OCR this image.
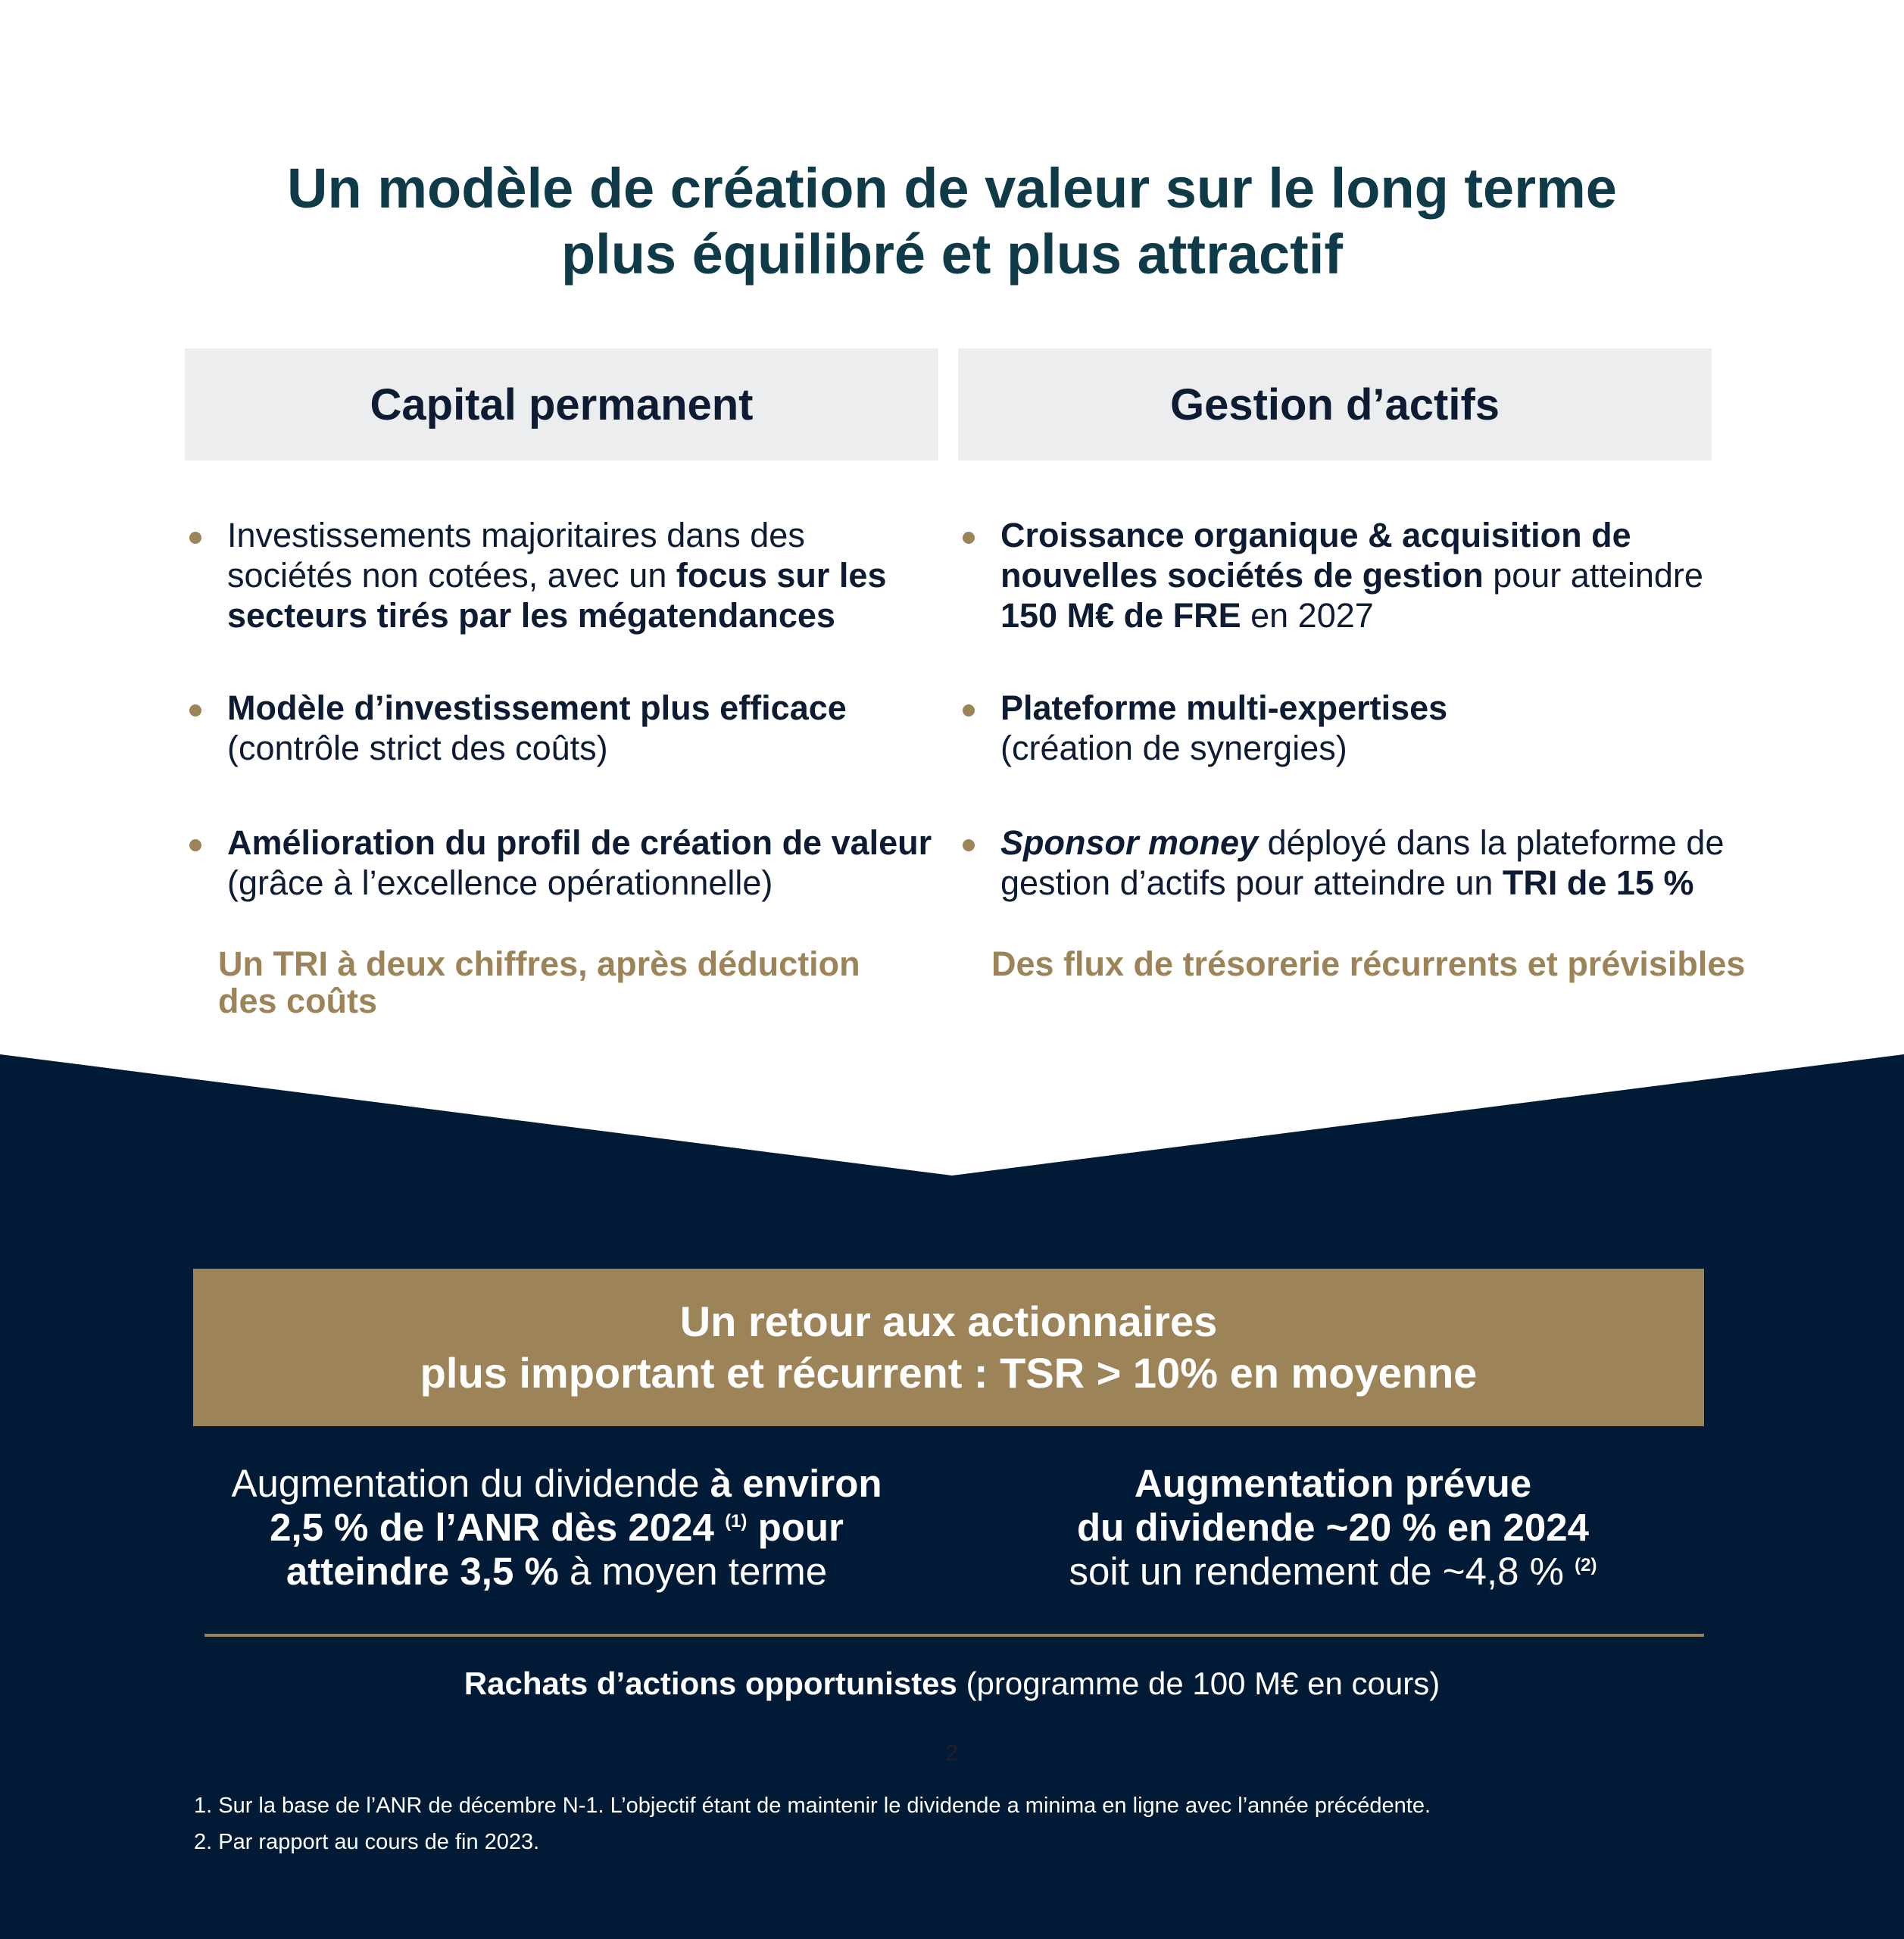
Un modèle de création de valeur sur le long terme
plus équilibré et plus attractif
Capital permanent
Investissements majoritaires dans des sociétés non cotées, avec un focus sur les secteurs tirés par les mégatendances
Modèle d’investissement plus efficace
(contrôle strict des coûts)
Amélioration du profil de création de valeur
(grâce à l’excellence opérationnelle)
Un TRI à deux chiffres, après déduction des coûts
Gestion d’actifs
Croissance organique & acquisition de nouvelles sociétés de gestion pour atteindre 150 M€ de FRE en 2027
Plateforme multi-expertises
(création de synergies)
Sponsor money déployé dans la plateforme de gestion d’actifs pour atteindre un TRI de 15 %
Des flux de trésorerie récurrents et prévisibles
Un retour aux actionnaires
plus important et récurrent : TSR > 10% en moyenne
Augmentation du dividende à environ 2,5 % de l’ANR dès 2024 $^{(1)}$ pour atteindre 3,5 % à moyen terme
Augmentation prévue
du dividende ~20 % en 2024
soit un rendement de ~4,8 % $^{(2)}$
Rachats d’actions opportunistes (programme de 100 M€ en cours)
2
1. Sur la base de l’ANR de décembre N-1. L’objectif étant de maintenir le dividende a minima en ligne avec l’année précédente.
2. Par rapport au cours de fin 2023.
